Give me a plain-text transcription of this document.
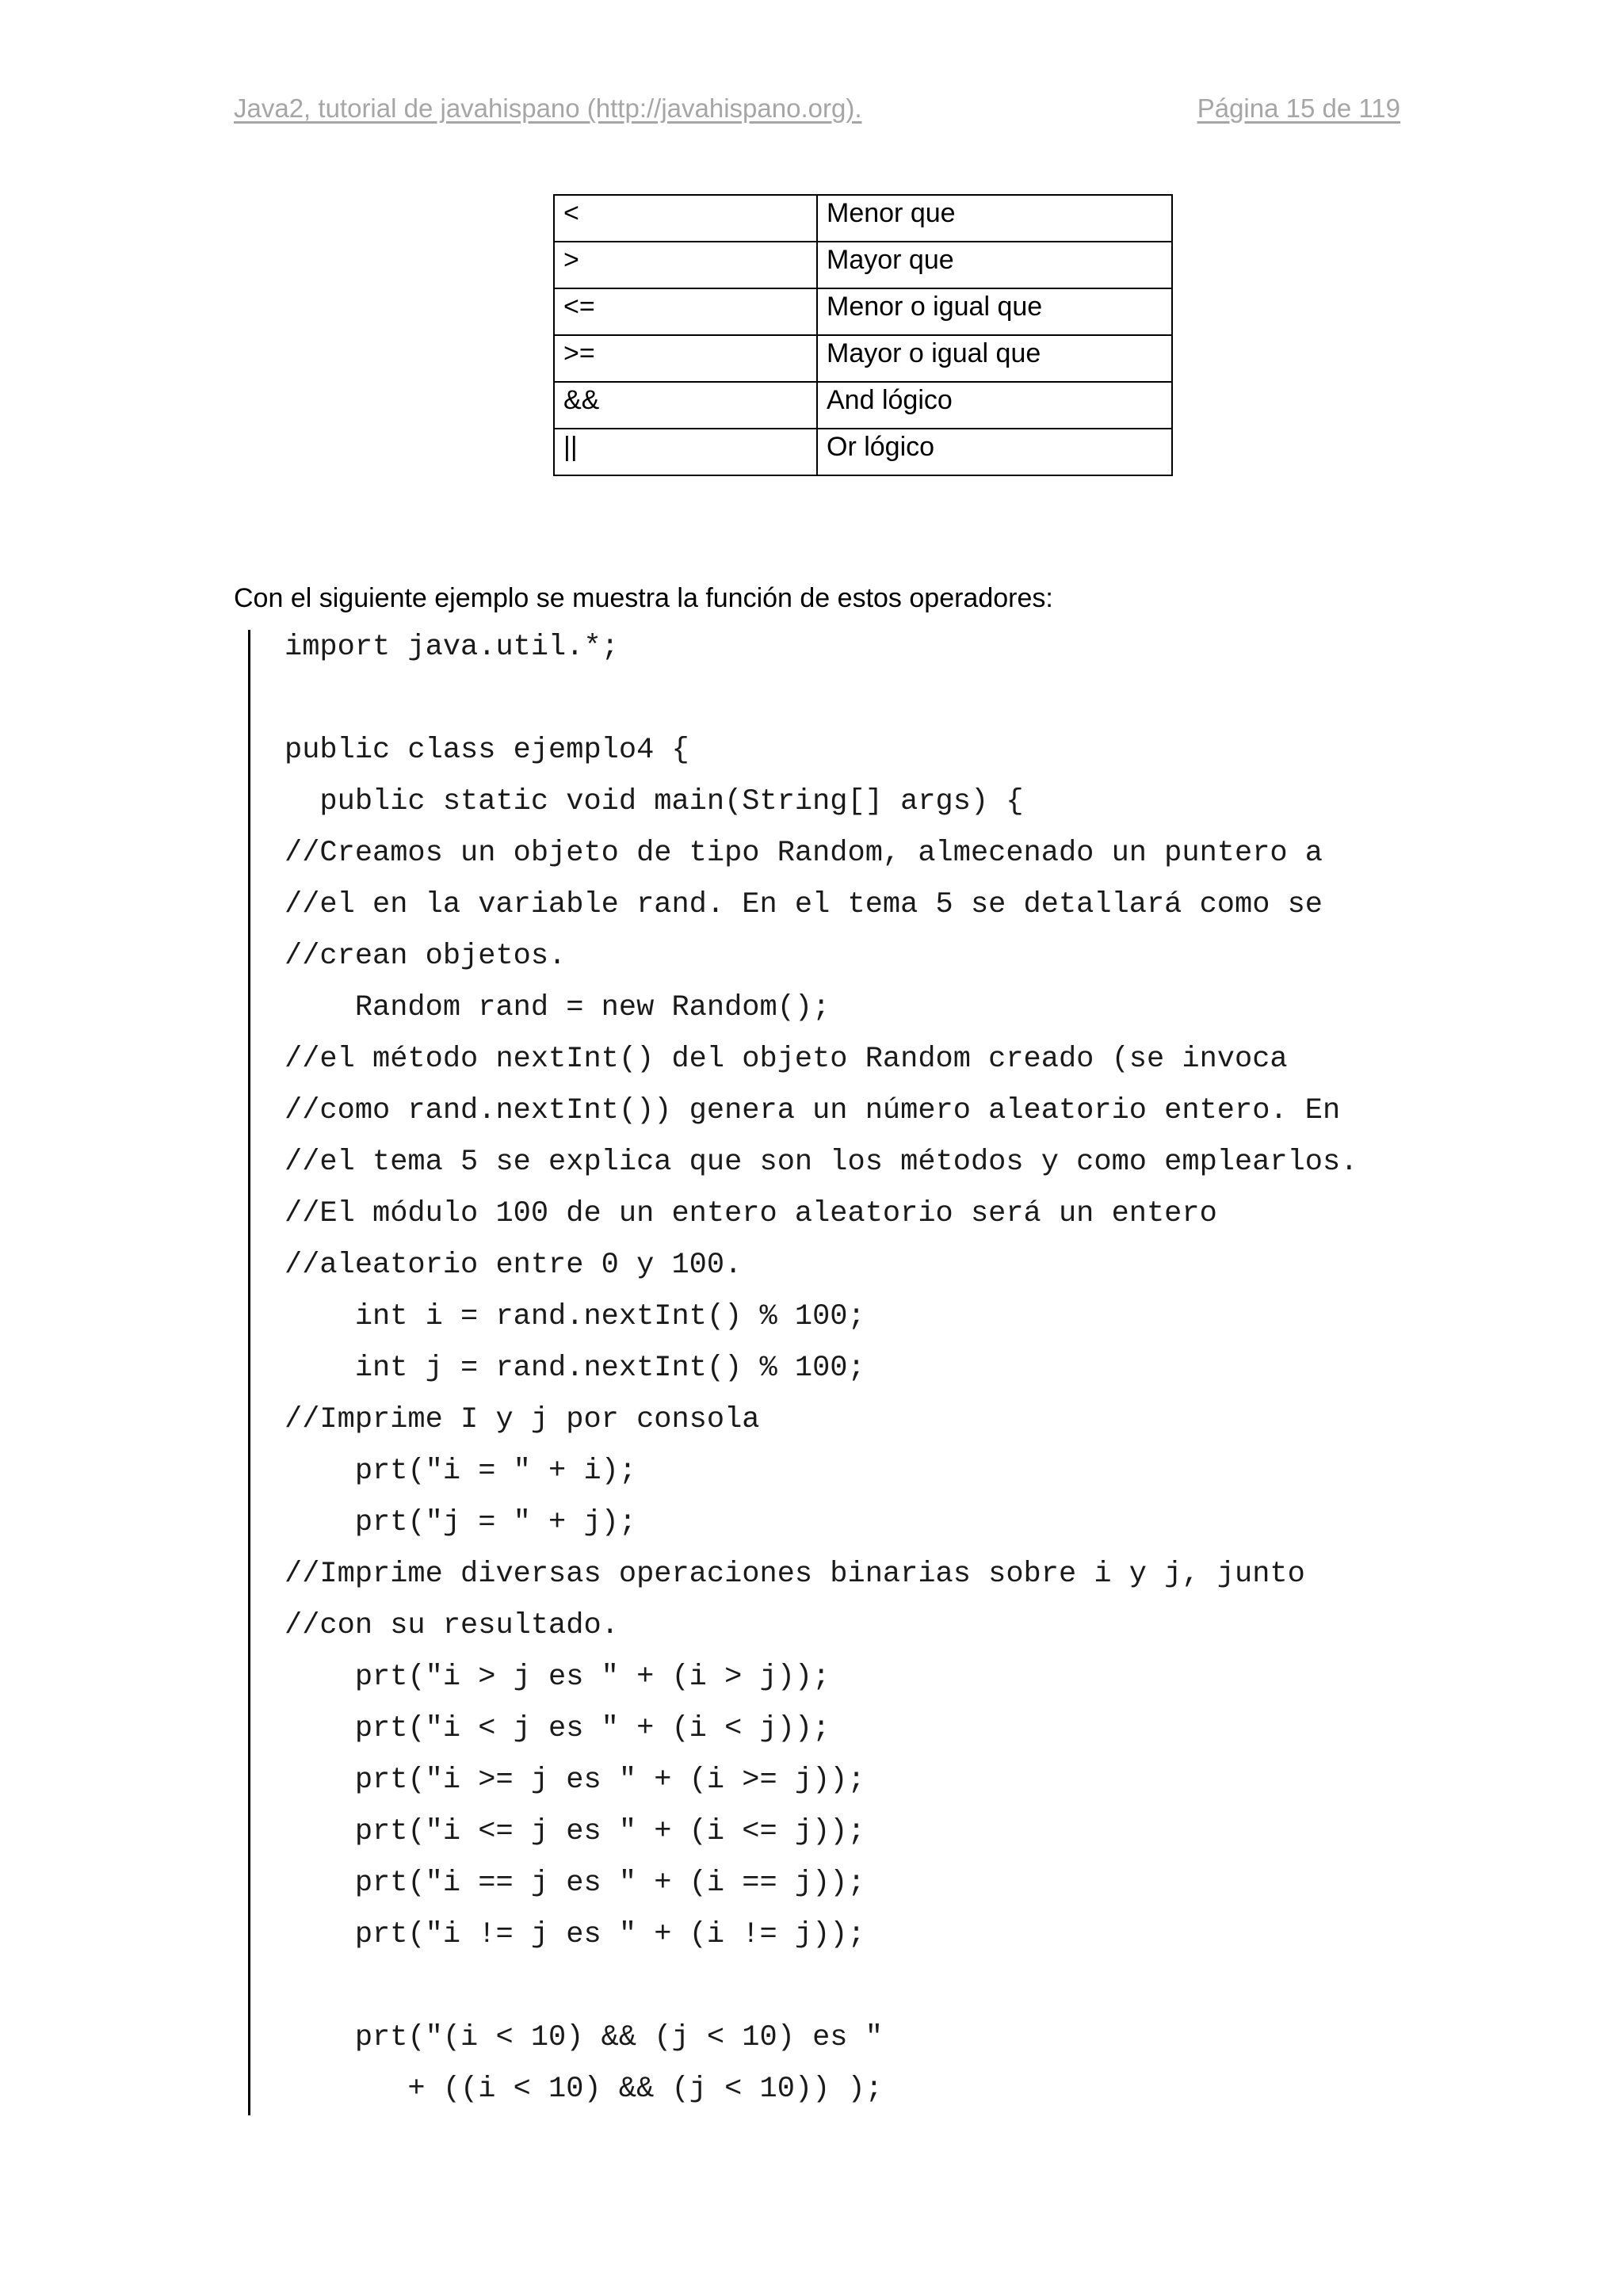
Java2, tutorial de javahispano (http://javahispano.org).	Página 15 de 119
<	Menor que
>	Mayor que
<=	Menor o igual que
>=	Mayor o igual que
&&	And lógico
||	Or lógico
Con el siguiente ejemplo se muestra la función de estos operadores:
import java.util.*;
public class ejemplo4 {
public static void main(String[] args) {
//Creamos un objeto de tipo Random, almecenado un puntero a
//el en la variable rand. En el tema 5 se detallará como se
//crean objetos.
Random rand = new Random();
//el método nextInt() del objeto Random creado (se invoca
//como rand.nextInt()) genera un número aleatorio entero. En
//el tema 5 se explica que son los métodos y como emplearlos.
//El módulo 100 de un entero aleatorio será un entero
//aleatorio entre 0 y 100.
int i = rand.nextInt() % 100;
int j = rand.nextInt() % 100;
//Imprime I y j por consola
prt("i = " + i);
prt("j = " + j);
//Imprime diversas operaciones binarias sobre i y j, junto
//con su resultado.
prt("i > j es " + (i > j));
prt("i < j es " + (i < j));
prt("i >= j es " + (i >= j));
prt("i <= j es " + (i <= j));
prt("i == j es " + (i == j));
prt("i != j es " + (i != j));
prt("(i < 10) && (j < 10) es "
+ ((i < 10) && (j < 10)) );
